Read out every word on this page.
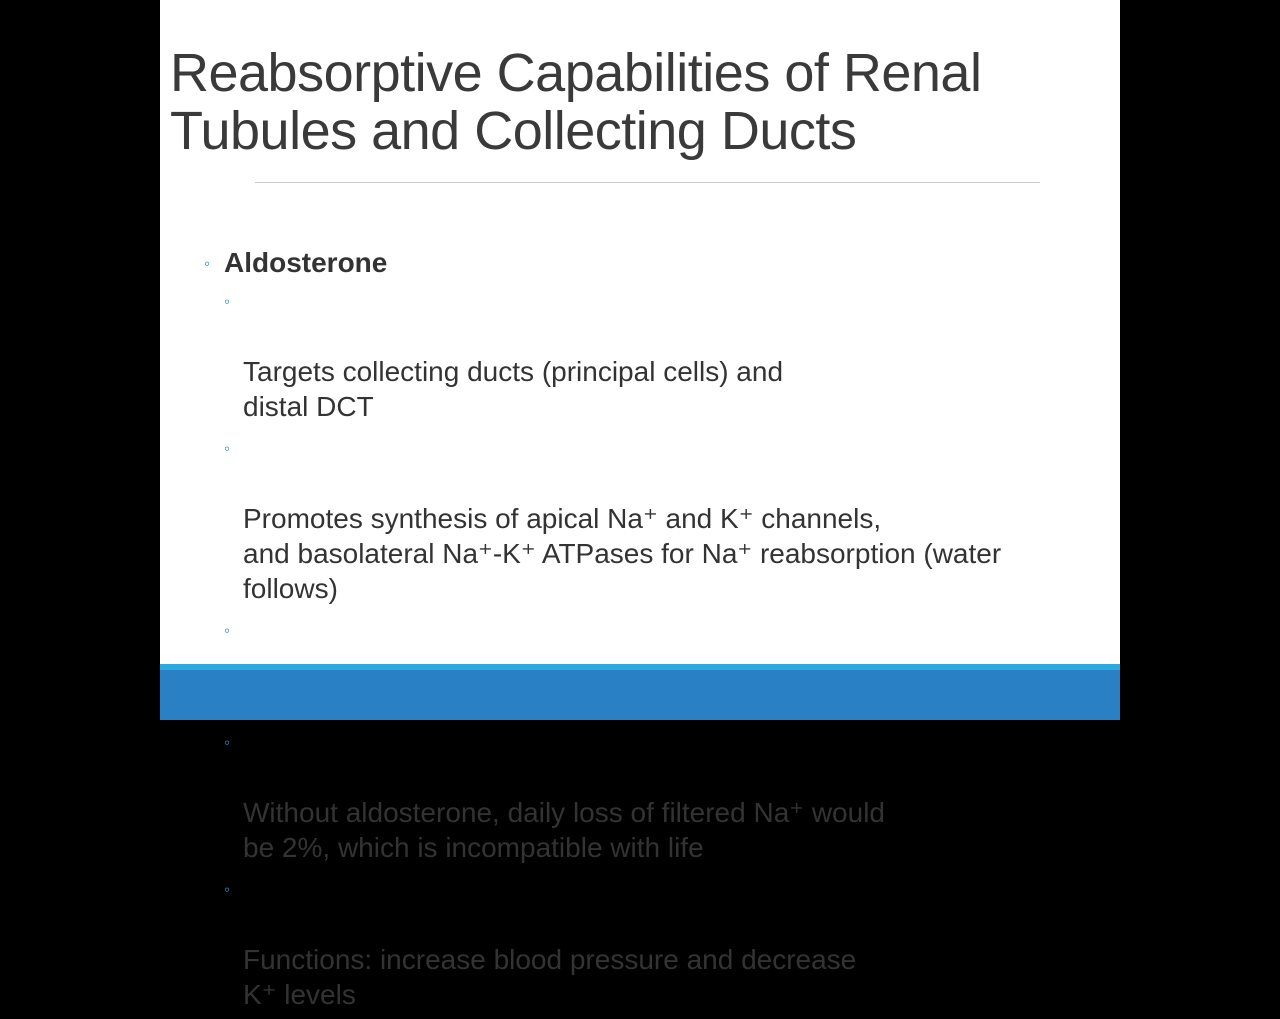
Reabsorptive Capabilities of Renal
Tubules and Collecting Ducts
◦ Aldosterone

◦

Targets collecting ducts (principal cells) and
distal DCT

◦

Promotes synthesis of apical Na⁺ and K⁺ channels,
and basolateral Na⁺-K⁺ ATPases for Na⁺ reabsorption (water
follows)

◦

◦

Without aldosterone, daily loss of filtered Na⁺ would
be 2%, which is incompatible with life

◦

Functions: increase blood pressure and decrease
K⁺ levels
